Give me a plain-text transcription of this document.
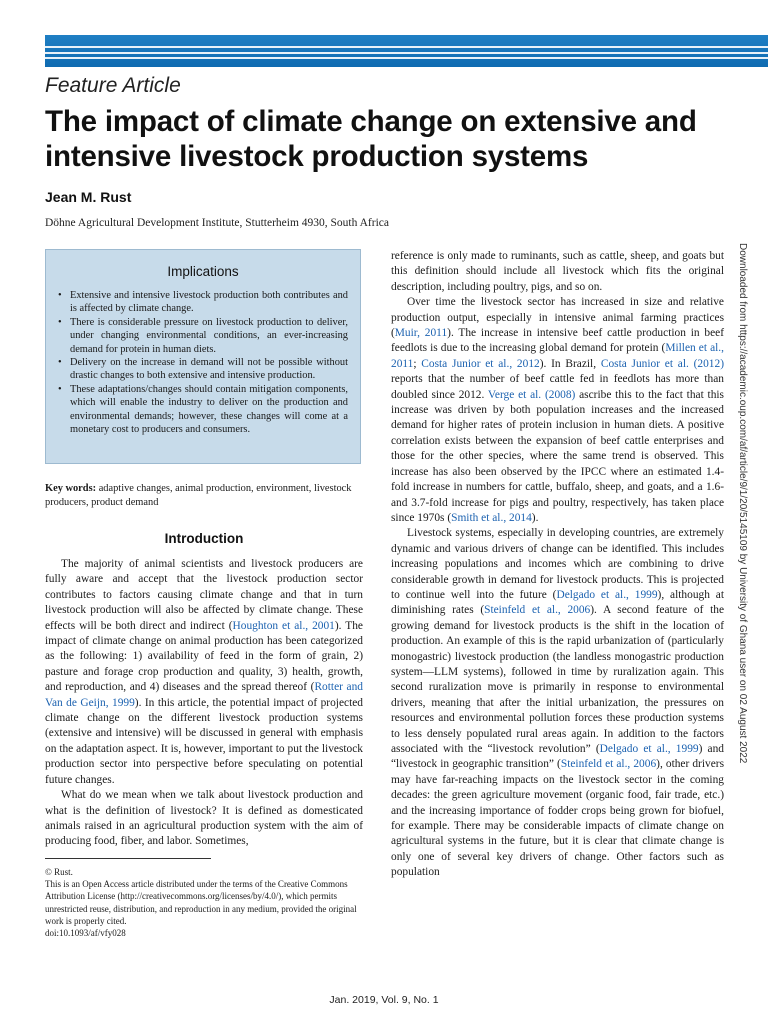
Feature Article
The impact of climate change on extensive and intensive livestock production systems
Jean M. Rust
Döhne Agricultural Development Institute, Stutterheim 4930, South Africa
Implications
• Extensive and intensive livestock production both contributes and is affected by climate change.
• There is considerable pressure on livestock production to deliver, under changing environmental conditions, an ever-increasing demand for protein in human diets.
• Delivery on the increase in demand will not be possible without drastic changes to both extensive and intensive production.
• These adaptations/changes should contain mitigation components, which will enable the industry to deliver on the production and environmental demands; however, these changes will come at a monetary cost to producers and consumers.

Key words: adaptive changes, animal production, environment, livestock producers, product demand

Introduction

The majority of animal scientists and livestock producers are fully aware and accept that the livestock production sector contributes to factors causing climate change and that in turn livestock production will also be affected by climate change. These effects will be both direct and indirect (Houghton et al., 2001). The impact of climate change on animal production has been categorized as the following: 1) availability of feed in the form of grain, 2) pasture and forage crop production and quality, 3) health, growth, and reproduction, and 4) diseases and the spread thereof (Rotter and Van de Geijn, 1999). In this article, the potential impact of projected climate change on the different livestock production systems (extensive and intensive) will be discussed in general with emphasis on the adaptation aspect. It is, however, important to put the livestock production sector into perspective before speculating on potential future changes.

What do we mean when we talk about livestock production and what is the definition of livestock? It is defined as domesticated animals raised in an agricultural production system with the aim of producing food, fiber, and labor. Sometimes,

© Rust.
This is an Open Access article distributed under the terms of the Creative Commons Attribution License (http://creativecommons.org/licenses/by/4.0/), which permits unrestricted reuse, distribution, and reproduction in any medium, provided the original work is properly cited.
doi:10.1093/af/vfy028

reference is only made to ruminants, such as cattle, sheep, and goats but this definition should include all livestock which fits the original description, including poultry, pigs, and so on.

Over time the livestock sector has increased in size and relative production output, especially in intensive animal farming practices (Muir, 2011). The increase in intensive beef cattle production in beef feedlots is due to the increasing global demand for protein (Millen et al., 2011; Costa Junior et al., 2012). In Brazil, Costa Junior et al. (2012) reports that the number of beef cattle fed in feedlots has more than doubled since 2012. Verge et al. (2008) ascribe this to the fact that this increase was driven by both population increases and the increased demand for higher rates of protein inclusion in human diets. A positive correlation exists between the expansion of beef cattle enterprises and those for the other species, where the same trend is observed. This increase has also been observed by the IPCC where an estimated 1.4-fold increase in numbers for cattle, buffalo, sheep, and goats, and a 1.6- and 3.7-fold increase for pigs and poultry, respectively, has taken place since 1970s (Smith et al., 2014).

Livestock systems, especially in developing countries, are extremely dynamic and various drivers of change can be identified. This includes increasing populations and incomes which are combining to drive considerable growth in demand for livestock products. This is projected to continue well into the future (Delgado et al., 1999), although at diminishing rates (Steinfeld et al., 2006). A second feature of the growing demand for livestock products is the shift in the location of production. An example of this is the rapid urbanization of (particularly monogastric) livestock production (the landless monogastric production system—LLM systems), followed in time by ruralization again. This second ruralization move is primarily in response to environmental drivers, meaning that after the initial urbanization, the pressures on resources and environmental pollution forces these production systems to less densely populated rural areas again. In addition to the factors associated with the “livestock revolution” (Delgado et al., 1999) and “livestock in geographic transition” (Steinfeld et al., 2006), other drivers may have far-reaching impacts on the livestock sector in the coming decades: the green agriculture movement (organic food, fair trade, etc.) and the increasing importance of fodder crops being grown for biofuel, for example. There may be considerable impacts of climate change on agricultural systems in the future, but it is clear that climate change is only one of several key drivers of change. Other factors such as population

Downloaded from https://academic.oup.com/af/article/9/1/20/5145109 by University of Ghana user on 02 August 2022
Jan. 2019, Vol. 9, No. 1
